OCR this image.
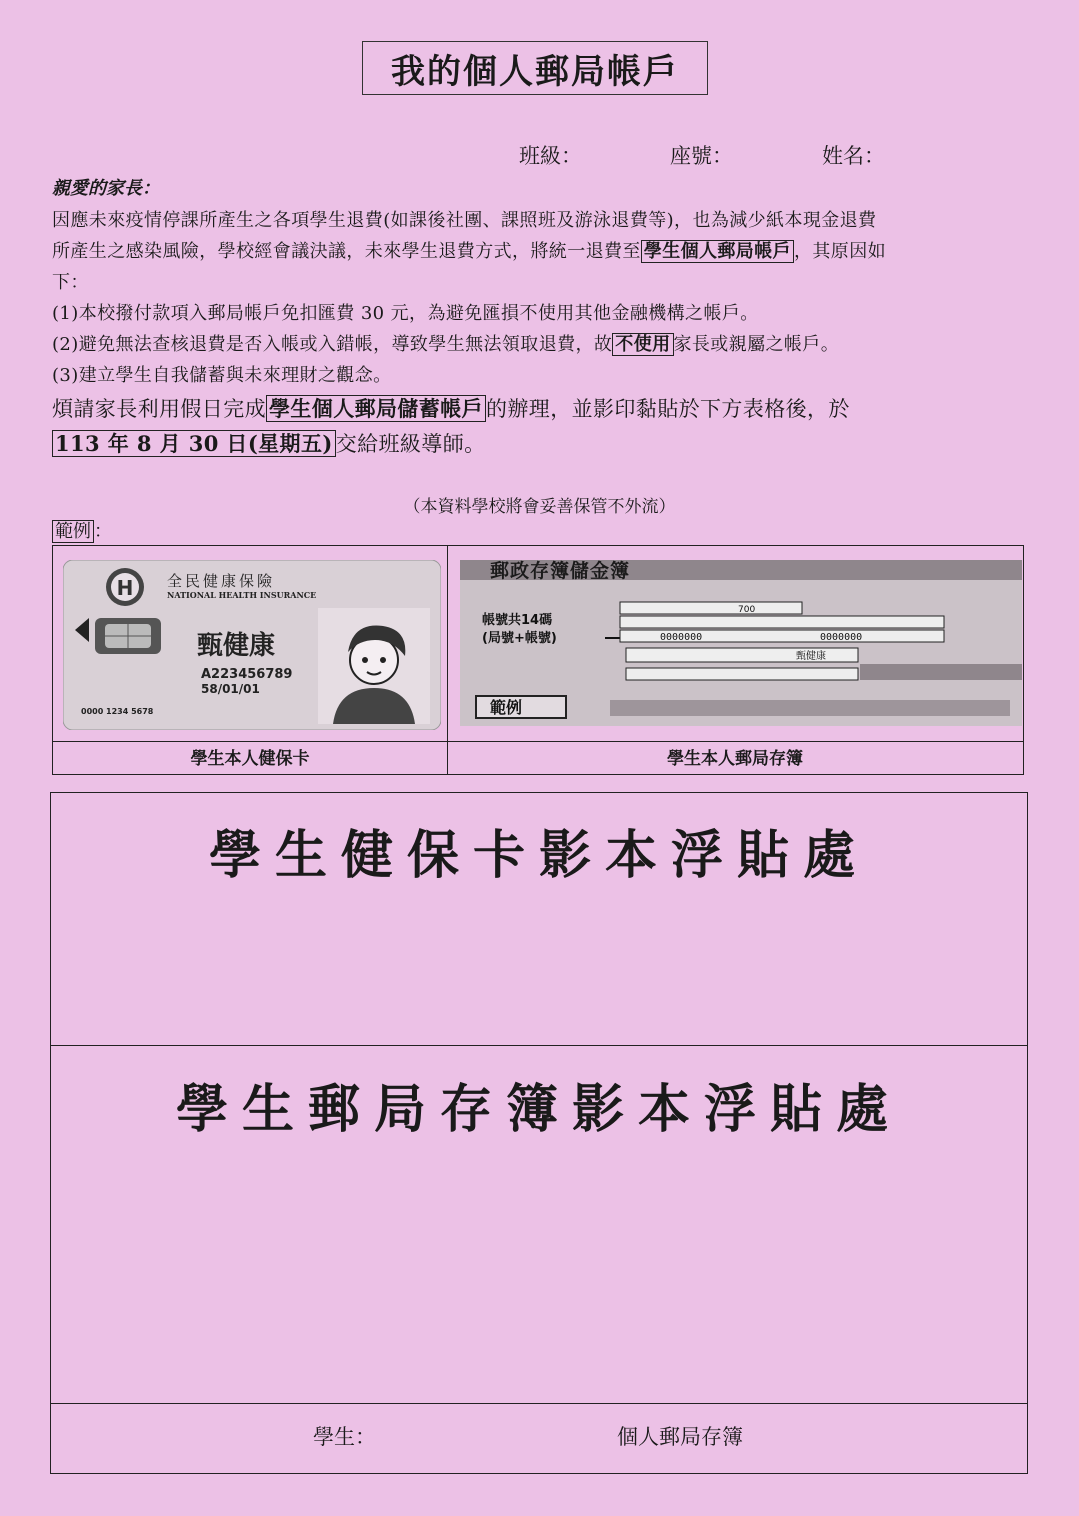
我的個人郵局帳戶
班級：	座號：	姓名：
親愛的家長：
因應未來疫情停課所產生之各項學生退費(如課後社團、課照班及游泳退費等)，也為減少紙本現金退費
所產生之感染風險，學校經會議決議，未來學生退費方式，將統一退費至 學生個人郵局帳戶 ，其原因如
下：
(1)本校撥付款項入郵局帳戶免扣匯費 30 元，為避免匯損不使用其他金融機構之帳戶。
(2)避免無法查核退費是否入帳或入錯帳，導致學生無法領取退費，故 不使用 家長或親屬之帳戶。
(3)建立學生自我儲蓄與未來理財之觀念。
煩請家長利用假日完成 學生個人郵局儲蓄帳戶 的辦理，並影印黏貼於下方表格後，於
113 年 8 月 30 日(星期五) 交給班級導師。
（本資料學校將會妥善保管不外流）
範例 ：
H 全民健康保險
NATIONAL HEALTH INSURANCE
甄健康
A223456789
58/01/01
0000 1234 5678
郵政存簿儲金簿
帳號共14碼
(局號+帳號)
700
0000000	0000000
甄健康
範例
學生本人健保卡	學生本人郵局存簿
學生健保卡影本浮貼處
學生郵局存簿影本浮貼處
學生：	個人郵局存簿
